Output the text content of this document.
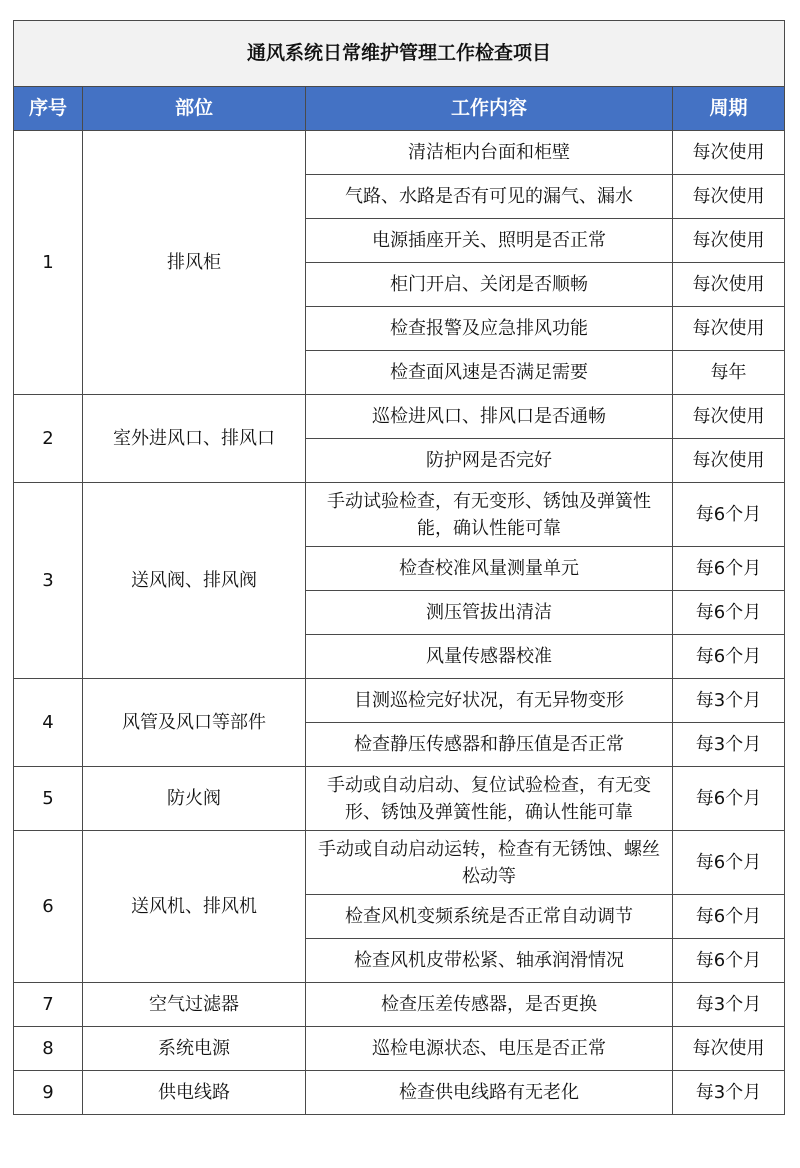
通风系统日常维护管理工作检查项目			
序号	部位	工作内容	周期
1	排风柜	清洁柜内台面和柜壁	每次使用
		气路、水路是否有可见的漏气、漏水	每次使用
		电源插座开关、照明是否正常	每次使用
		柜门开启、关闭是否顺畅	每次使用
		检查报警及应急排风功能	每次使用
		检查面风速是否满足需要	每年
2	室外进风口、排风口	巡检进风口、排风口是否通畅	每次使用
		防护网是否完好	每次使用
3	送风阀、排风阀	手动试验检查，有无变形、锈蚀及弹簧性能，确认性能可靠	每6个月
		检查校准风量测量单元	每6个月
		测压管拔出清洁	每6个月
		风量传感器校准	每6个月
4	风管及风口等部件	目测巡检完好状况，有无异物变形	每3个月
		检查静压传感器和静压值是否正常	每3个月
5	防火阀	手动或自动启动、复位试验检查，有无变形、锈蚀及弹簧性能，确认性能可靠	每6个月
6	送风机、排风机	手动或自动启动运转，检查有无锈蚀、螺丝松动等	每6个月
		检查风机变频系统是否正常自动调节	每6个月
		检查风机皮带松紧、轴承润滑情况	每6个月
7	空气过滤器	检查压差传感器，是否更换	每3个月
8	系统电源	巡检电源状态、电压是否正常	每次使用
9	供电线路	检查供电线路有无老化	每3个月
